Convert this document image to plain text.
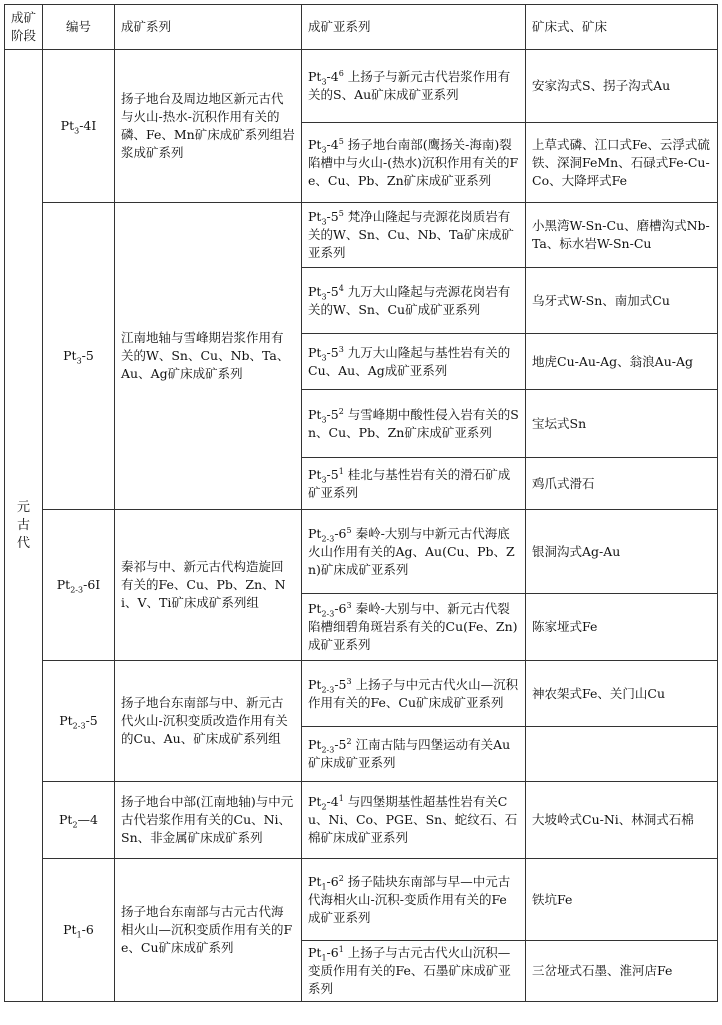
成矿阶段	编号	成矿系列	成矿亚系列	矿床式、矿床
元
古
代	$Pt_3-4I$	扬子地台及周边地区新元古代与火山-热水-沉积作用有关的磷、Fe、Mn矿床成矿系列组岩浆成矿系列	$Pt_3-4^6$ 上扬子与新元古代岩浆作用有关的S、Au矿床成矿亚系列	安家沟式S、拐子沟式Au
			$Pt_3-4^5$ 扬子地台南部(鹰扬关-海南)裂陷槽中与火山-(热水)沉积作用有关的Fe、Cu、Pb、Zn矿床成矿亚系列	上草式磷、江口式Fe、云浮式硫铁、深洞FeMn、石碌式Fe-Cu-Co、大降坪式Fe
	$Pt_3-5$	江南地轴与雪峰期岩浆作用有关的W、Sn、Cu、Nb、Ta、Au、Ag矿床成矿系列	$Pt_3-5^5$ 梵净山隆起与壳源花岗质岩有关的W、Sn、Cu、Nb、Ta矿床成矿亚系列	小黑湾W-Sn-Cu、磨槽沟式Nb-Ta、标水岩W-Sn-Cu
			$Pt_3-5^4$ 九万大山隆起与壳源花岗岩有关的W、Sn、Cu矿成矿亚系列	乌牙式W-Sn、南加式Cu
			$Pt_3-5^3$ 九万大山隆起与基性岩有关的Cu、Au、Ag成矿亚系列	地虎Cu-Au-Ag、翁浪Au-Ag
			$Pt_3-5^2$ 与雪峰期中酸性侵入岩有关的Sn、Cu、Pb、Zn矿床成矿亚系列	宝坛式Sn
			$Pt_3-5^1$ 桂北与基性岩有关的滑石矿成矿亚系列	鸡爪式滑石
	$Pt_{2-3}-6I$	秦祁与中、新元古代构造旋回有关的Fe、Cu、Pb、Zn、Ni、V、Ti矿床成矿系列组	$Pt_{2-3}-6^5$ 秦岭-大别与中新元古代海底火山作用有关的Ag、Au(Cu、Pb、Zn)矿床成矿亚系列	银洞沟式Ag-Au
			$Pt_{2-3}-6^3$ 秦岭-大别与中、新元古代裂陷槽细碧角斑岩系有关的Cu(Fe、Zn)成矿亚系列	陈家垭式Fe
	$Pt_{2-3}-5$	扬子地台东南部与中、新元古代火山-沉积变质改造作用有关的Cu、Au、矿床成矿系列组	$Pt_{2-3}-5^3$ 上扬子与中元古代火山—沉积作用有关的Fe、Cu矿床成矿亚系列	神农架式Fe、关门山Cu
			$Pt_{2-3}-5^2$ 江南古陆与四堡运动有关Au矿床成矿亚系列	
	$Pt_2—4$	扬子地台中部(江南地轴)与中元古代岩浆作用有关的Cu、Ni、Sn、非金属矿床成矿系列	$Pt_2-4^1$ 与四堡期基性超基性岩有关Cu、Ni、Co、PGE、Sn、蛇纹石、石棉矿床成矿亚系列	大坡岭式Cu-Ni、林洞式石棉
	$Pt_1-6$	扬子地台东南部与古元古代海相火山—沉积变质作用有关的Fe、Cu矿床成矿系列	$Pt_1-6^2$ 扬子陆块东南部与早—中元古代海相火山-沉积-变质作用有关的Fe成矿亚系列	铁坑Fe
			$Pt_1-6^1$ 上扬子与古元古代火山沉积—变质作用有关的Fe、石墨矿床成矿亚系列	三岔垭式石墨、淮河店Fe
